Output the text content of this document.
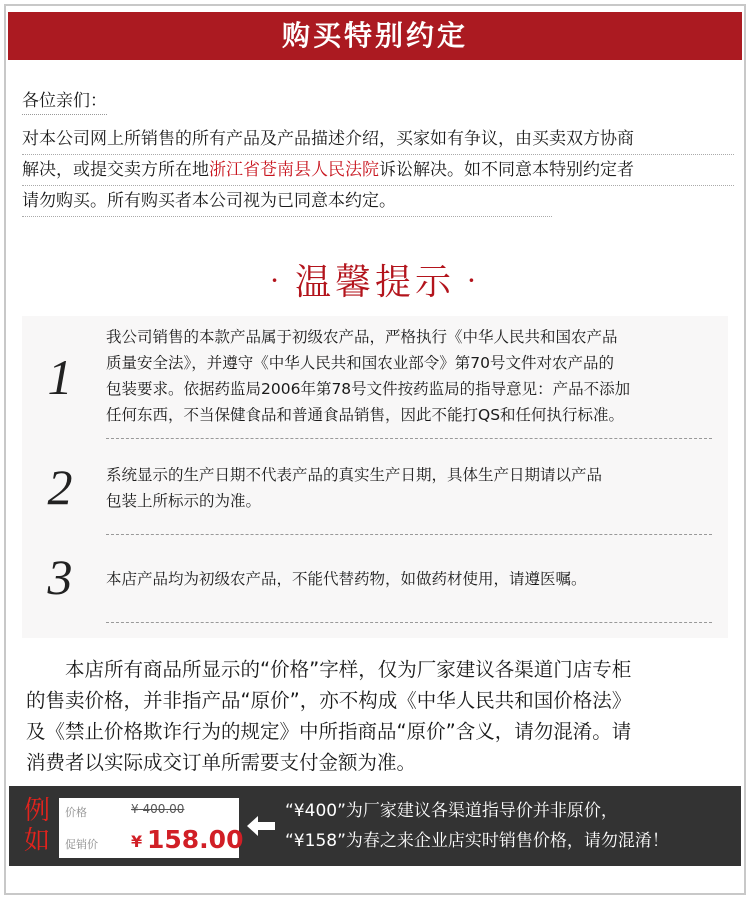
购买特别约定
各位亲们：
对本公司网上所销售的所有产品及产品描述介绍，买家如有争议，由买卖双方协商
解决，或提交卖方所在地浙江省苍南县人民法院诉讼解决。如不同意本特别约定者
请勿购买。所有购买者本公司视为已同意本约定。
· 温馨提示 ·
1
我公司销售的本款产品属于初级农产品，严格执行《中华人民共和国农产品
质量安全法》，并遵守《中华人民共和国农业部令》第70号文件对农产品的
包装要求。依据药监局2006年第78号文件按药监局的指导意见：产品不添加
任何东西，不当保健食品和普通食品销售，因此不能打QS和任何执行标准。
2	系统显示的生产日期不代表产品的真实生产日期，具体生产日期请以产品
包装上所标示的为准。
3	本店产品均为初级农产品，不能代替药物，如做药材使用，请遵医嘱。
　　本店所有商品所显示的“价格”字样，仅为厂家建议各渠道门店专柜
的售卖价格，并非指产品“原价”，亦不构成《中华人民共和国价格法》
及《禁止价格欺诈行为的规定》中所指商品“原价”含义，请勿混淆。请
消费者以实际成交订单所需要支付金额为准。
例
如
价格	¥ 400.00
促销价 ¥ 158.00
“¥400”为厂家建议各渠道指导价并非原价，
“¥158”为春之来企业店实时销售价格，请勿混淆！
